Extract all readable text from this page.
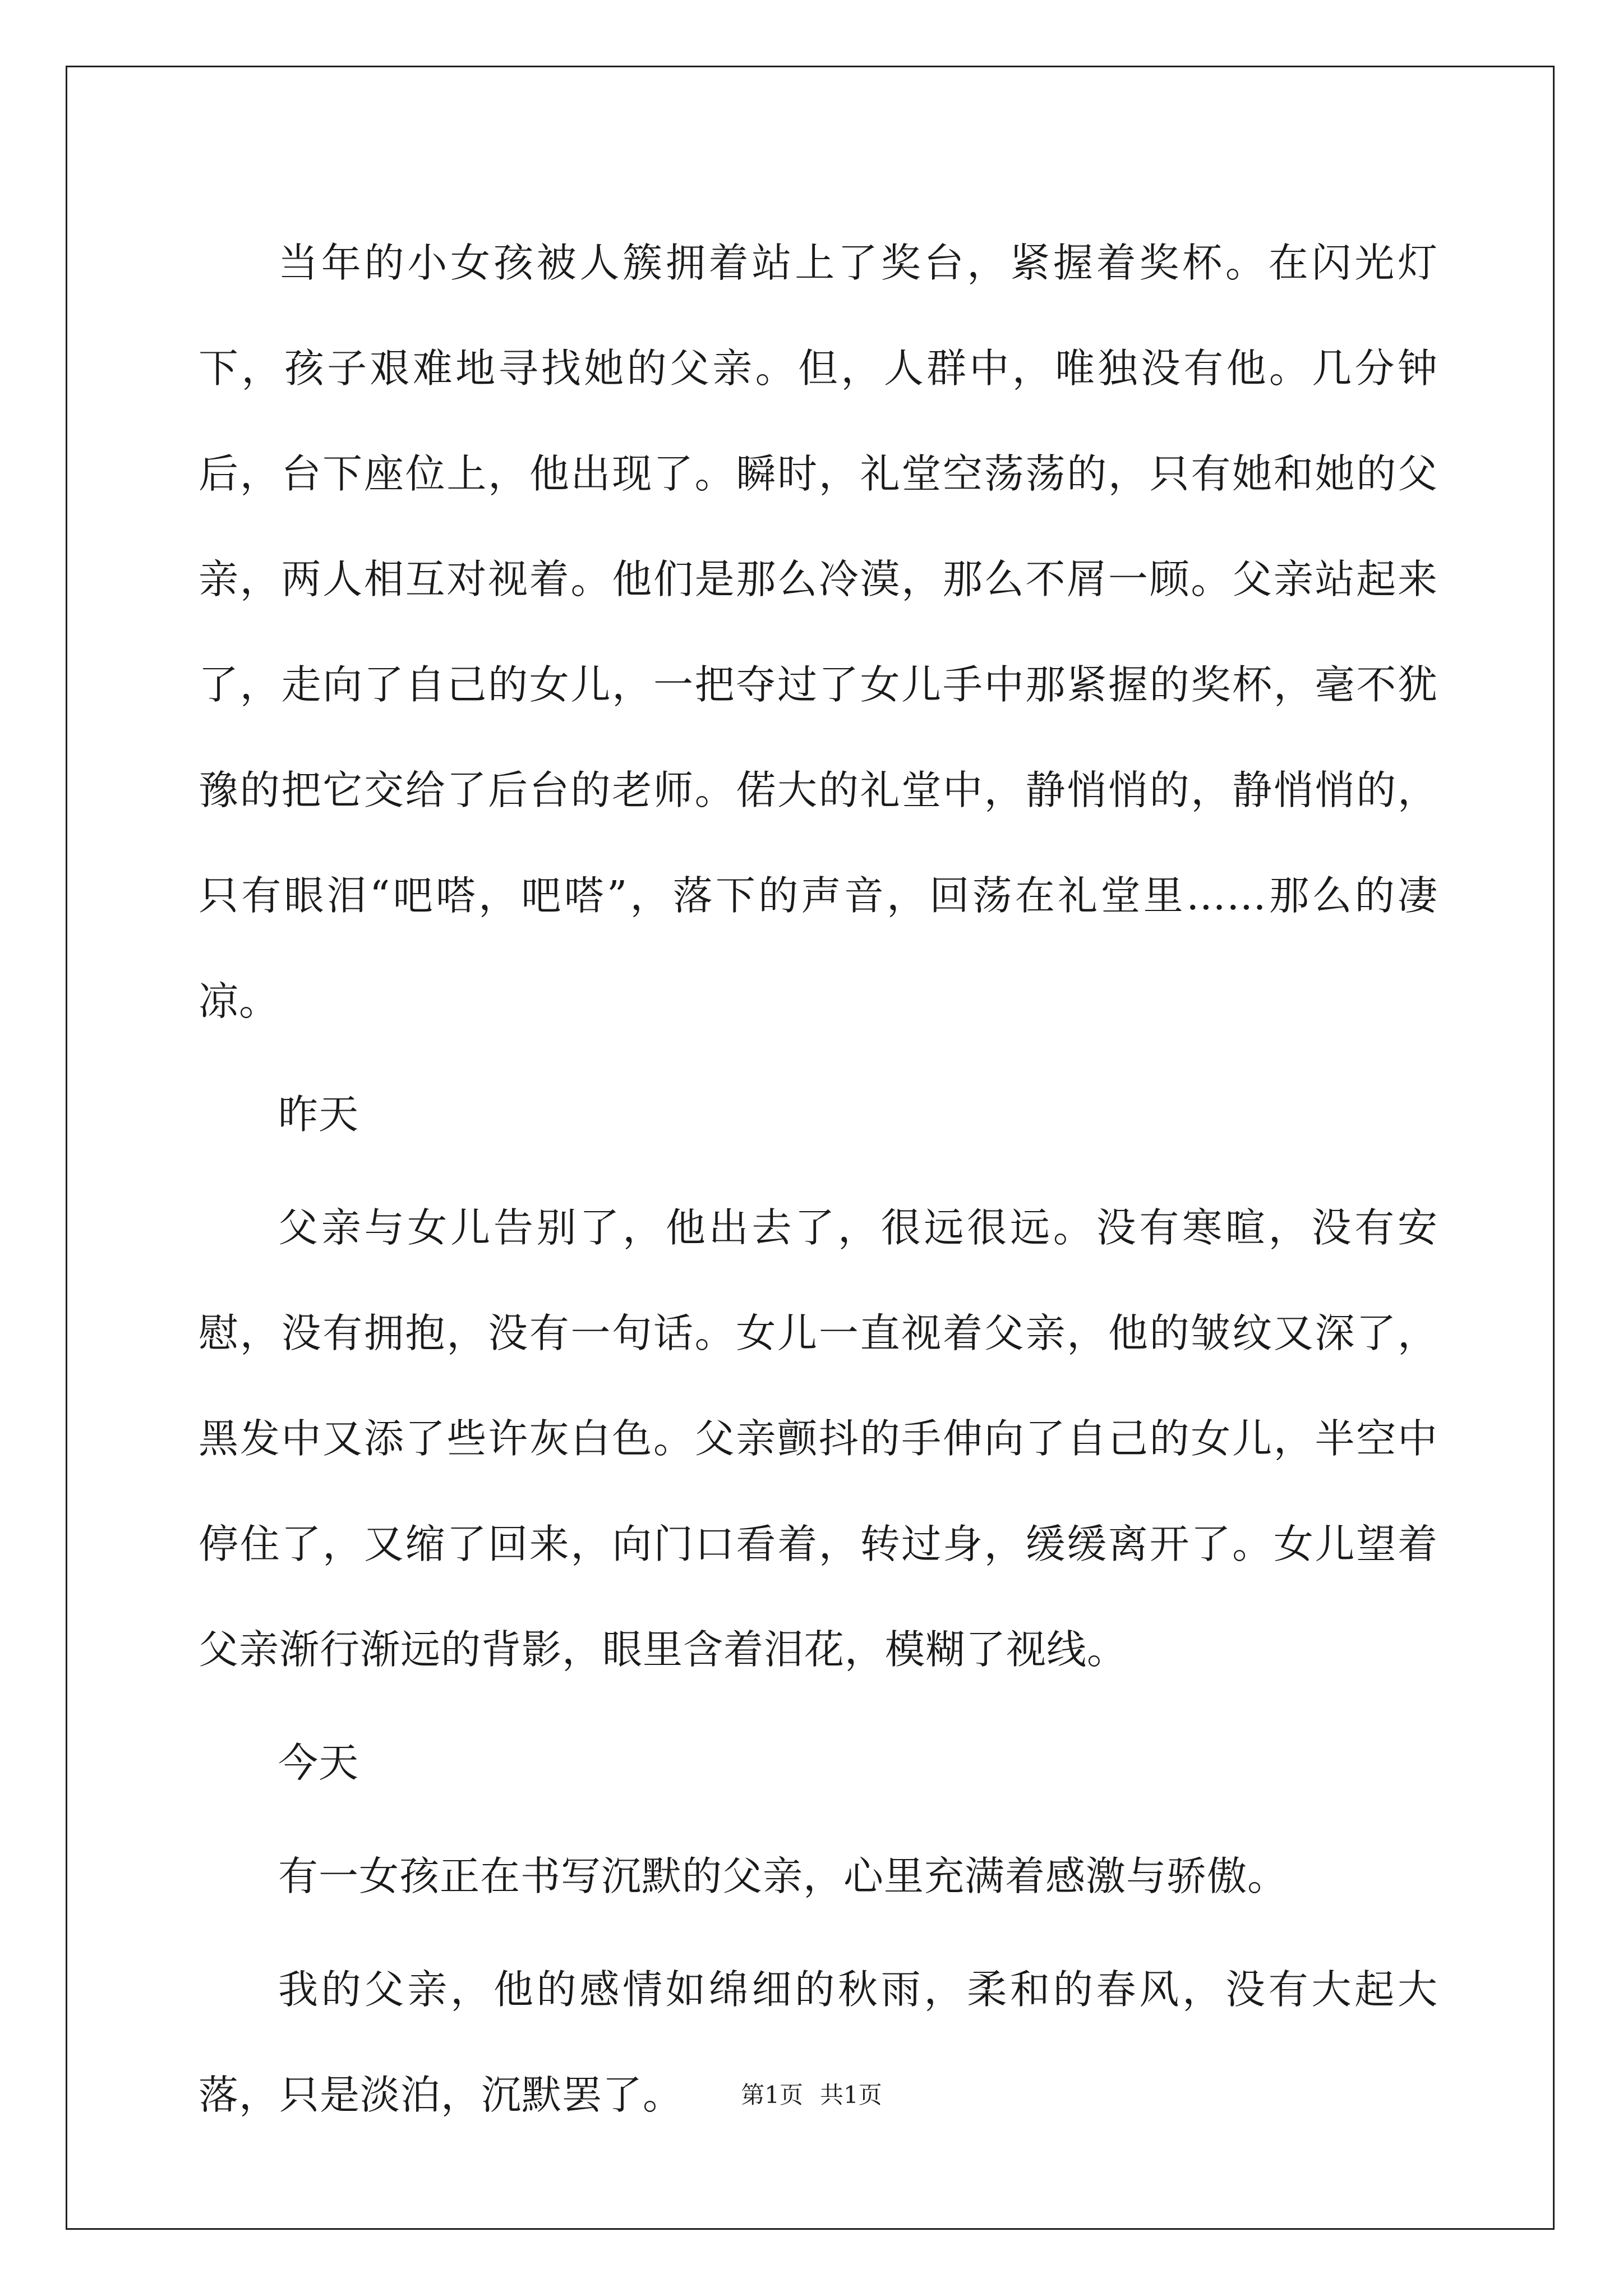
当年的小女孩被人簇拥着站上了奖台，紧握着奖杯。在闪光灯下，孩子艰难地寻找她的父亲。但，人群中，唯独没有他。几分钟后，台下座位上，他出现了。瞬时，礼堂空荡荡的，只有她和她的父亲，两人相互对视着。他们是那么冷漠，那么不屑一顾。父亲站起来了，走向了自己的女儿，一把夺过了女儿手中那紧握的奖杯，毫不犹豫的把它交给了后台的老师。偌大的礼堂中，静悄悄的，静悄悄的，只有眼泪“吧嗒，吧嗒”，落下的声音，回荡在礼堂里……那么的凄凉。

昨天

父亲与女儿告别了，他出去了，很远很远。没有寒暄，没有安慰，没有拥抱，没有一句话。女儿一直视着父亲，他的皱纹又深了，黑发中又添了些许灰白色。父亲颤抖的手伸向了自己的女儿，半空中停住了，又缩了回来，向门口看着，转过身，缓缓离开了。女儿望着父亲渐行渐远的背影，眼里含着泪花，模糊了视线。

今天

有一女孩正在书写沉默的父亲，心里充满着感激与骄傲。

我的父亲，他的感情如绵细的秋雨，柔和的春风，没有大起大落，只是淡泊，沉默罢了。	第1页 共1页
